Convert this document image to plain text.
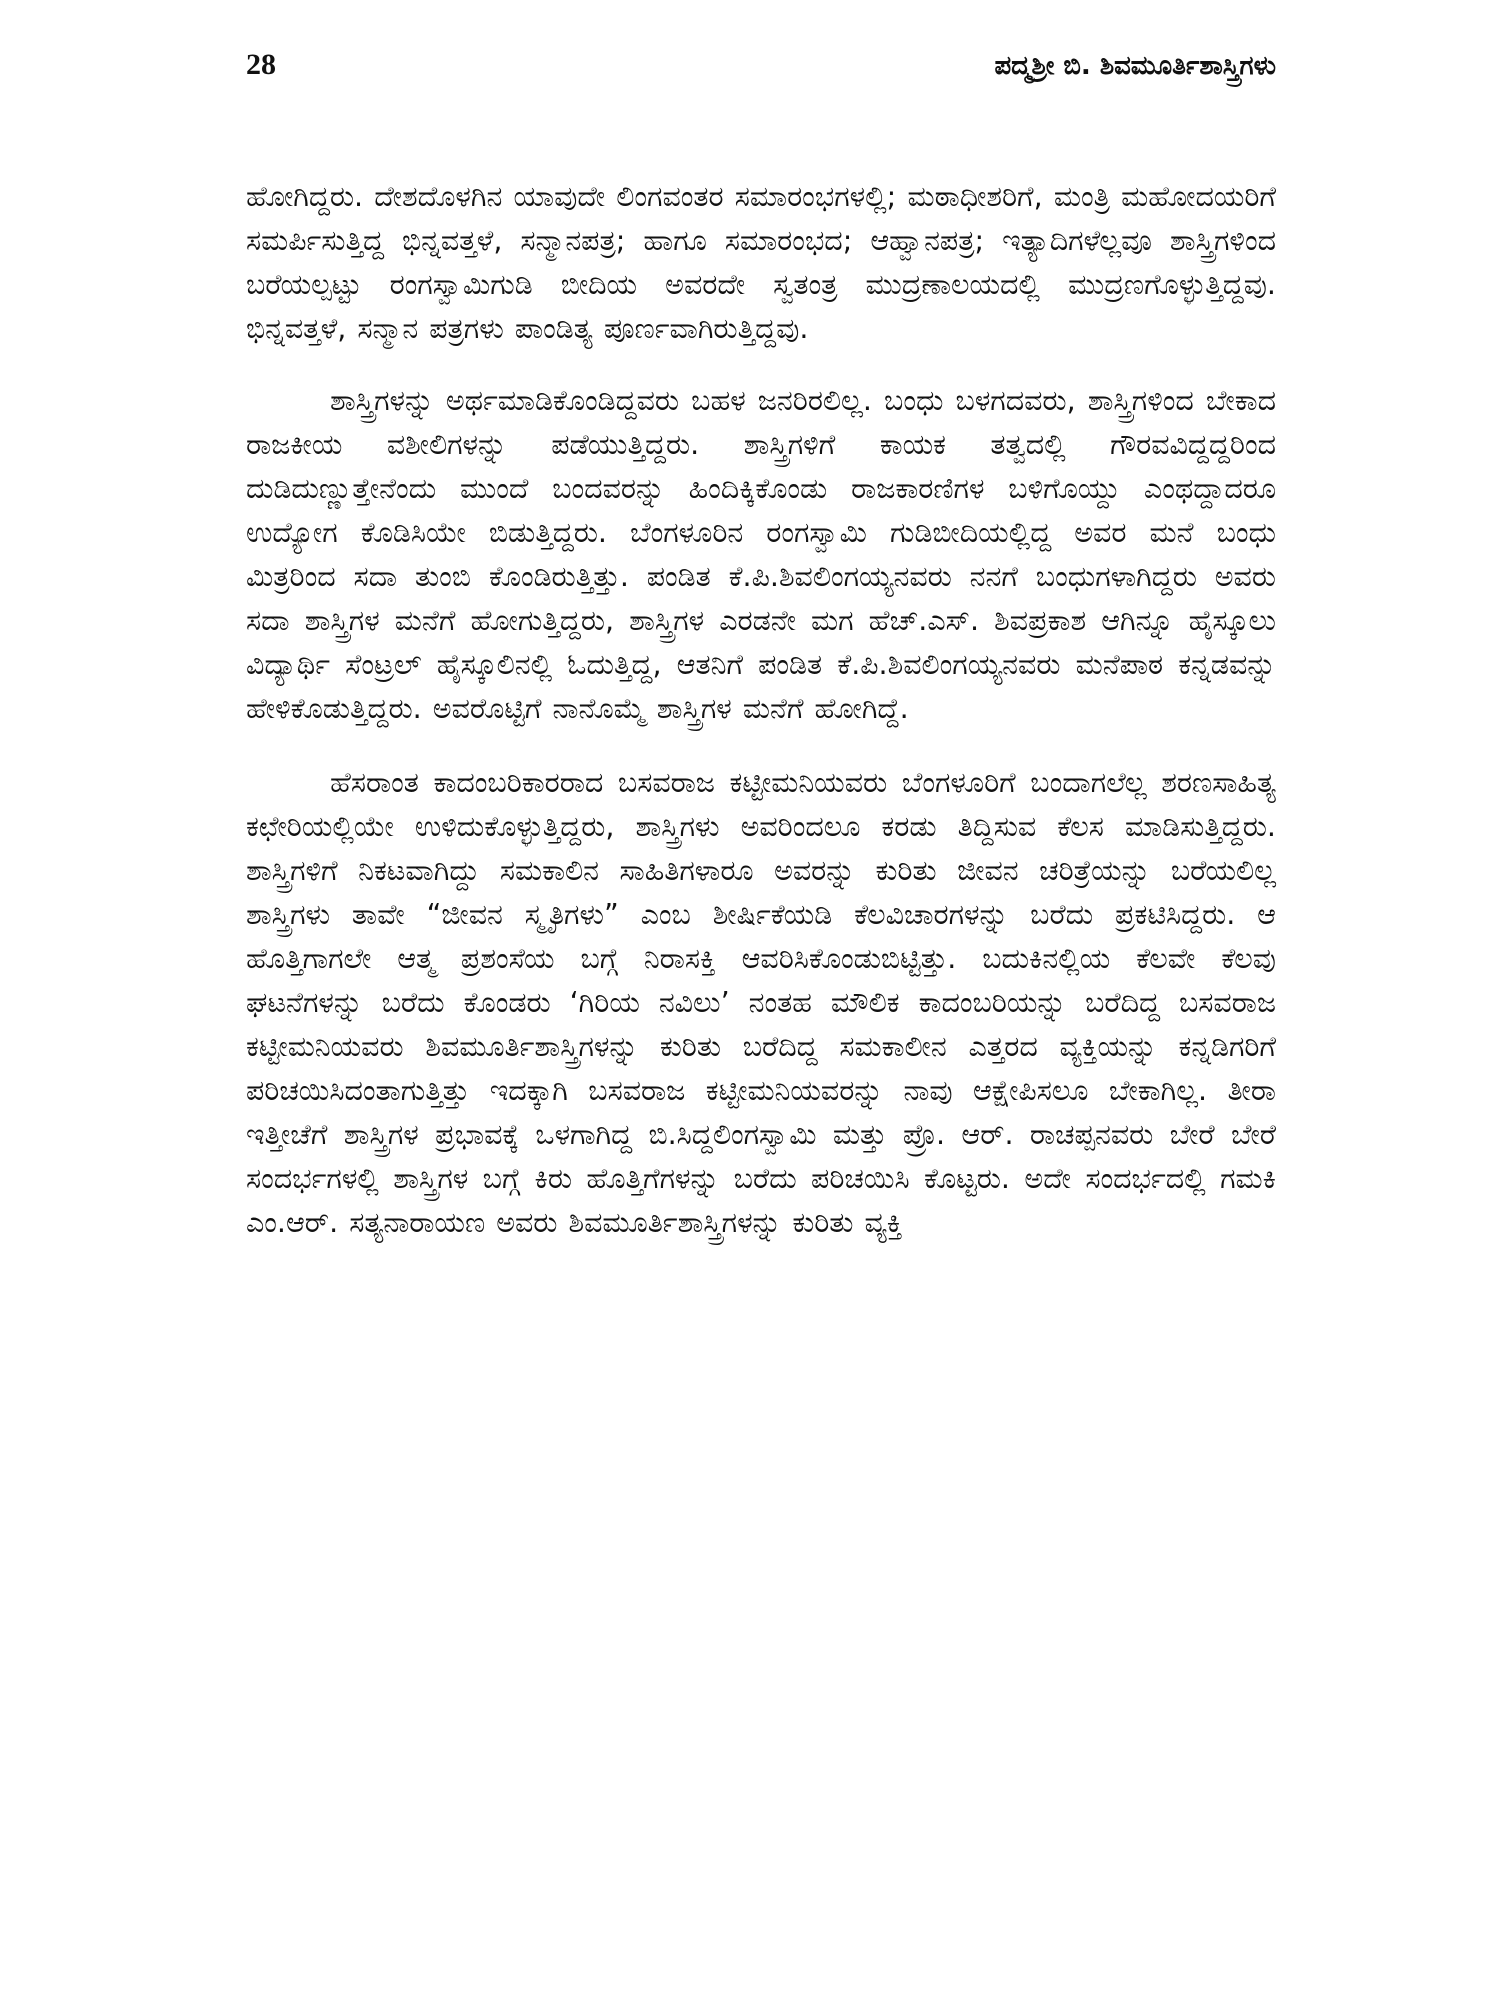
28	ಪದ್ಮಶ್ರೀ ಬಿ. ಶಿವಮೂರ್ತಿಶಾಸ್ತ್ರಿಗಳು

ಹೋಗಿದ್ದರು. ದೇಶದೊಳಗಿನ ಯಾವುದೇ ಲಿಂಗವಂತರ ಸಮಾರಂಭಗಳಲ್ಲಿ; ಮಠಾಧೀಶರಿಗೆ, ಮಂತ್ರಿ ಮಹೋದಯರಿಗೆ ಸಮರ್ಪಿಸುತ್ತಿದ್ದ ಭಿನ್ನವತ್ತಳೆ, ಸನ್ಮಾನಪತ್ರ; ಹಾಗೂ ಸಮಾರಂಭದ; ಆಹ್ವಾನಪತ್ರ; ಇತ್ಯಾದಿಗಳೆಲ್ಲವೂ ಶಾಸ್ತ್ರಿಗಳಿಂದ ಬರೆಯಲ್ಪಟ್ಟು ರಂಗಸ್ವಾಮಿಗುಡಿ ಬೀದಿಯ ಅವರದೇ ಸ್ವತಂತ್ರ ಮುದ್ರಣಾಲಯದಲ್ಲಿ ಮುದ್ರಣಗೊಳ್ಳುತ್ತಿದ್ದವು. ಭಿನ್ನವತ್ತಳೆ, ಸನ್ಮಾನ ಪತ್ರಗಳು ಪಾಂಡಿತ್ಯ ಪೂರ್ಣವಾಗಿರುತ್ತಿದ್ದವು.

ಶಾಸ್ತ್ರಿಗಳನ್ನು ಅರ್ಥಮಾಡಿಕೊಂಡಿದ್ದವರು ಬಹಳ ಜನರಿರಲಿಲ್ಲ. ಬಂಧು ಬಳಗದವರು, ಶಾಸ್ತ್ರಿಗಳಿಂದ ಬೇಕಾದ ರಾಜಕೀಯ ವಶೀಲಿಗಳನ್ನು ಪಡೆಯುತ್ತಿದ್ದರು. ಶಾಸ್ತ್ರಿಗಳಿಗೆ ಕಾಯಕ ತತ್ವದಲ್ಲಿ ಗೌರವವಿದ್ದದ್ದರಿಂದ ದುಡಿದುಣ್ಣುತ್ತೇನೆಂದು ಮುಂದೆ ಬಂದವರನ್ನು ಹಿಂದಿಕ್ಕಿಕೊಂಡು ರಾಜಕಾರಣಿಗಳ ಬಳಿಗೊಯ್ದು ಎಂಥದ್ದಾದರೂ ಉದ್ಯೋಗ ಕೊಡಿಸಿಯೇ ಬಿಡುತ್ತಿದ್ದರು. ಬೆಂಗಳೂರಿನ ರಂಗಸ್ವಾಮಿ ಗುಡಿಬೀದಿಯಲ್ಲಿದ್ದ ಅವರ ಮನೆ ಬಂಧು ಮಿತ್ರರಿಂದ ಸದಾ ತುಂಬಿ ಕೊಂಡಿರುತ್ತಿತ್ತು. ಪಂಡಿತ ಕೆ.ಪಿ.ಶಿವಲಿಂಗಯ್ಯನವರು ನನಗೆ ಬಂಧುಗಳಾಗಿದ್ದರು ಅವರು ಸದಾ ಶಾಸ್ತ್ರಿಗಳ ಮನೆಗೆ ಹೋಗುತ್ತಿದ್ದರು, ಶಾಸ್ತ್ರಿಗಳ ಎರಡನೇ ಮಗ ಹೆಚ್.ಎಸ್. ಶಿವಪ್ರಕಾಶ ಆಗಿನ್ನೂ ಹೈಸ್ಕೂಲು ವಿದ್ಯಾರ್ಥಿ ಸೆಂಟ್ರಲ್ ಹೈಸ್ಕೂಲಿನಲ್ಲಿ ಓದುತ್ತಿದ್ದ, ಆತನಿಗೆ ಪಂಡಿತ ಕೆ.ಪಿ.ಶಿವಲಿಂಗಯ್ಯನವರು ಮನೆಪಾಠ ಕನ್ನಡವನ್ನು ಹೇಳಿಕೊಡುತ್ತಿದ್ದರು. ಅವರೊಟ್ಟಿಗೆ ನಾನೊಮ್ಮೆ ಶಾಸ್ತ್ರಿಗಳ ಮನೆಗೆ ಹೋಗಿದ್ದೆ.

ಹೆಸರಾಂತ ಕಾದಂಬರಿಕಾರರಾದ ಬಸವರಾಜ ಕಟ್ಟೀಮನಿಯವರು ಬೆಂಗಳೂರಿಗೆ ಬಂದಾಗಲೆಲ್ಲ ಶರಣಸಾಹಿತ್ಯ ಕಛೇರಿಯಲ್ಲಿಯೇ ಉಳಿದುಕೊಳ್ಳುತ್ತಿದ್ದರು, ಶಾಸ್ತ್ರಿಗಳು ಅವರಿಂದಲೂ ಕರಡು ತಿದ್ದಿಸುವ ಕೆಲಸ ಮಾಡಿಸುತ್ತಿದ್ದರು. ಶಾಸ್ತ್ರಿಗಳಿಗೆ ನಿಕಟವಾಗಿದ್ದು ಸಮಕಾಲಿನ ಸಾಹಿತಿಗಳಾರೂ ಅವರನ್ನು ಕುರಿತು ಜೀವನ ಚರಿತ್ರೆಯನ್ನು ಬರೆಯಲಿಲ್ಲ ಶಾಸ್ತ್ರಿಗಳು ತಾವೇ “ಜೀವನ ಸ್ಮೃತಿಗಳು” ಎಂಬ ಶೀರ್ಷಿಕೆಯಡಿ ಕೆಲವಿಚಾರಗಳನ್ನು ಬರೆದು ಪ್ರಕಟಿಸಿದ್ದರು. ಆ ಹೊತ್ತಿಗಾಗಲೇ ಆತ್ಮ ಪ್ರಶಂಸೆಯ ಬಗ್ಗೆ ನಿರಾಸಕ್ತಿ ಆವರಿಸಿಕೊಂಡುಬಿಟ್ಟಿತ್ತು. ಬದುಕಿನಲ್ಲಿಯ ಕೆಲವೇ ಕೆಲವು ಘಟನೆಗಳನ್ನು ಬರೆದು ಕೊಂಡರು ‘ಗಿರಿಯ ನವಿಲು’ ನಂತಹ ಮೌಲಿಕ ಕಾದಂಬರಿಯನ್ನು ಬರೆದಿದ್ದ ಬಸವರಾಜ ಕಟ್ಟೀಮನಿಯವರು ಶಿವಮೂರ್ತಿಶಾಸ್ತ್ರಿಗಳನ್ನು ಕುರಿತು ಬರೆದಿದ್ದ ಸಮಕಾಲೀನ ಎತ್ತರದ ವ್ಯಕ್ತಿಯನ್ನು ಕನ್ನಡಿಗರಿಗೆ ಪರಿಚಯಿಸಿದಂತಾಗುತ್ತಿತ್ತು ಇದಕ್ಕಾಗಿ ಬಸವರಾಜ ಕಟ್ಟೀಮನಿಯವರನ್ನು ನಾವು ಆಕ್ಷೇಪಿಸಲೂ ಬೇಕಾಗಿಲ್ಲ. ತೀರಾ ಇತ್ತೀಚೆಗೆ ಶಾಸ್ತ್ರಿಗಳ ಪ್ರಭಾವಕ್ಕೆ ಒಳಗಾಗಿದ್ದ ಬಿ.ಸಿದ್ದಲಿಂಗಸ್ವಾಮಿ ಮತ್ತು ಪ್ರೊ. ಆರ್. ರಾಚಪ್ಪನವರು ಬೇರೆ ಬೇರೆ ಸಂದರ್ಭಗಳಲ್ಲಿ ಶಾಸ್ತ್ರಿಗಳ ಬಗ್ಗೆ ಕಿರು ಹೊತ್ತಿಗೆಗಳನ್ನು ಬರೆದು ಪರಿಚಯಿಸಿ ಕೊಟ್ಟರು. ಅದೇ ಸಂದರ್ಭದಲ್ಲಿ ಗಮಕಿ ಎಂ.ಆರ್. ಸತ್ಯನಾರಾಯಣ ಅವರು ಶಿವಮೂರ್ತಿಶಾಸ್ತ್ರಿಗಳನ್ನು ಕುರಿತು ವ್ಯಕ್ತಿ
